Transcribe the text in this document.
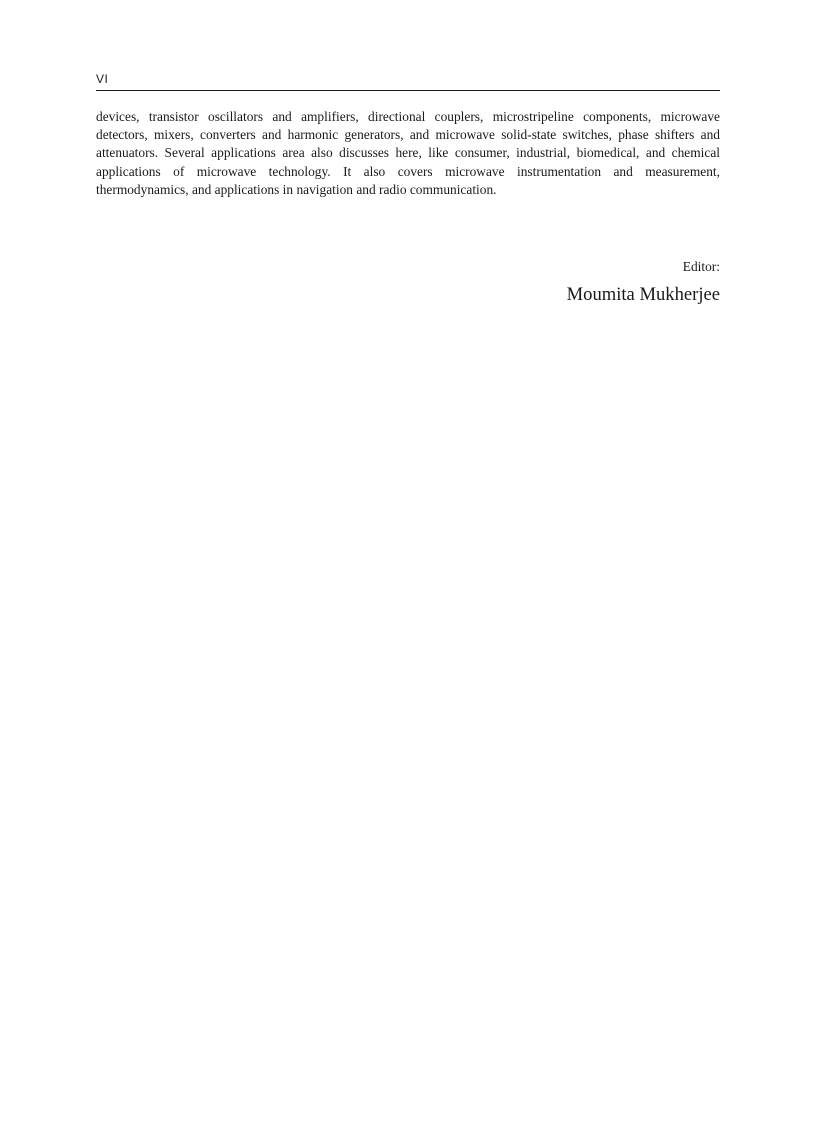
VI

devices, transistor oscillators and amplifiers, directional couplers, microstripeline components, microwave detectors, mixers, converters and harmonic generators, and microwave solid-state switches, phase shifters and attenuators. Several applications area also discusses here, like consumer, industrial, biomedical, and chemical applications of microwave technology. It also covers microwave instrumentation and measurement, thermodynamics, and applications in navigation and radio communication.

Editor:
Moumita Mukherjee
